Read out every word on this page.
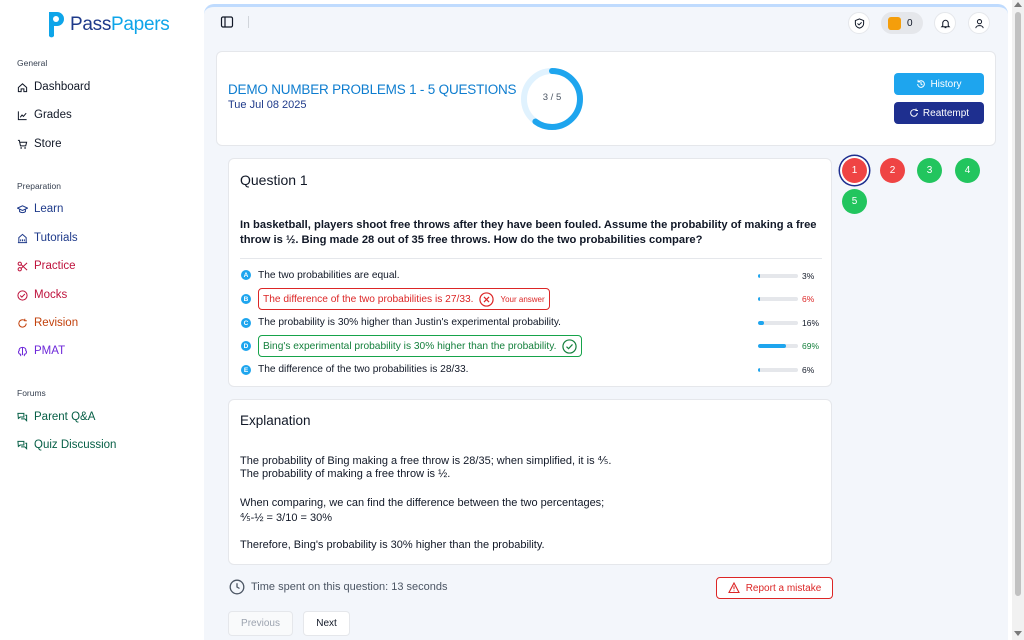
PassPapers
General
Dashboard
Grades
Store
Preparation
Learn
Tutorials
Practice
Mocks
Revision
PMAT
Forums
Parent Q&A
Quiz Discussion
0
DEMO NUMBER PROBLEMS 1 - 5 QUESTIONS
Tue Jul 08 2025
3 / 5
History
Reattempt
Question 1
In basketball, players shoot free throws after they have been fouled. Assume the probability of making a free throw is ½. Bing made 28 out of 35 free throws. How do the two probabilities compare?
A The two probabilities are equal.	3%
B The difference of the two probabilities is 27/33.	Your answer	6%
C The probability is 30% higher than Justin's experimental probability.	16%
D Bing's experimental probability is 30% higher than the probability.	69%
E The difference of the two probabilities is 28/33.	6%
1	2	3	4
5
Explanation
The probability of Bing making a free throw is 28/35; when simplified, it is ⅘.
The probability of making a free throw is ½.
When comparing, we can find the difference between the two percentages;
⅘-½ = 3/10 = 30%
Therefore, Bing's probability is 30% higher than the probability.
Time spent on this question: 13 seconds	Report a mistake
Previous	Next
